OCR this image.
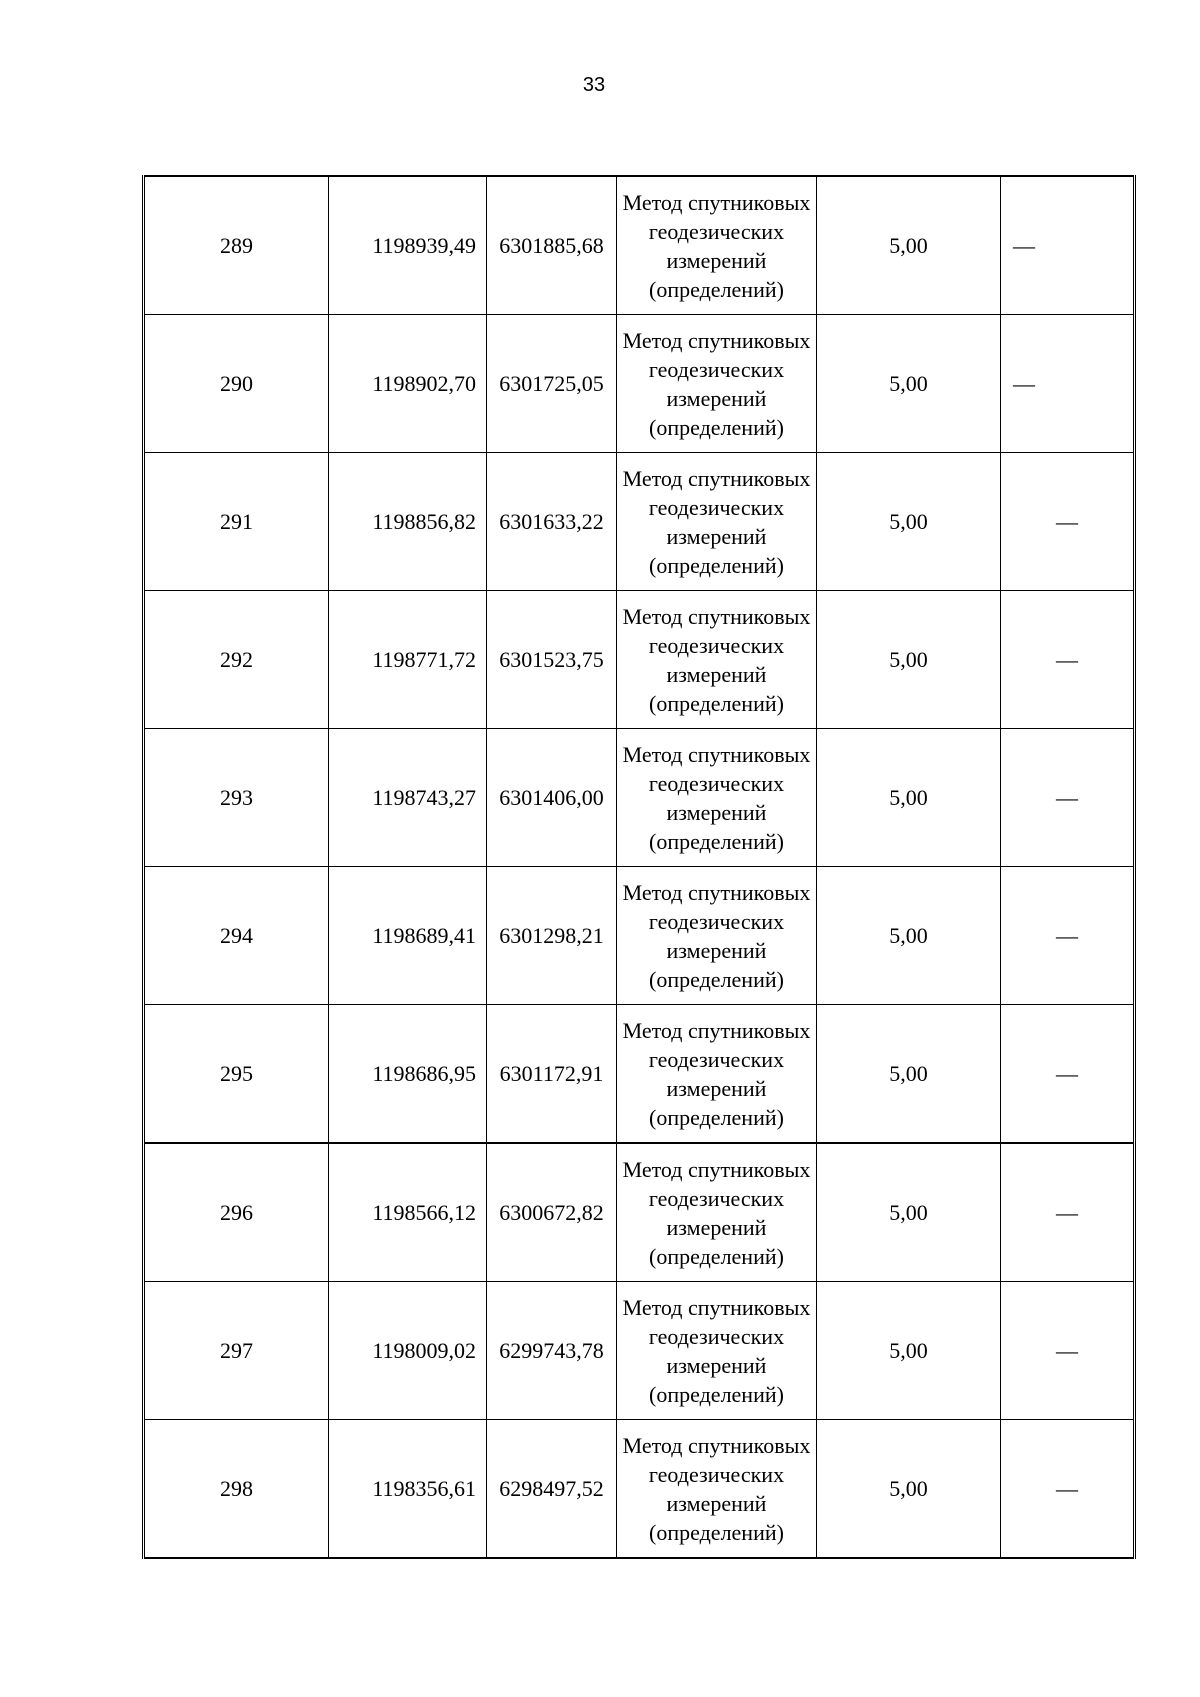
33
289	1198939,49	6301885,68	Метод спутниковых геодезических измерений (определений)	5,00	—
290	1198902,70	6301725,05	Метод спутниковых геодезических измерений (определений)	5,00	—
291	1198856,82	6301633,22	Метод спутниковых геодезических измерений (определений)	5,00	—
292	1198771,72	6301523,75	Метод спутниковых геодезических измерений (определений)	5,00	—
293	1198743,27	6301406,00	Метод спутниковых геодезических измерений (определений)	5,00	—
294	1198689,41	6301298,21	Метод спутниковых геодезических измерений (определений)	5,00	—
295	1198686,95	6301172,91	Метод спутниковых геодезических измерений (определений)	5,00	—
296	1198566,12	6300672,82	Метод спутниковых геодезических измерений (определений)	5,00	—
297	1198009,02	6299743,78	Метод спутниковых геодезических измерений (определений)	5,00	—
298	1198356,61	6298497,52	Метод спутниковых геодезических измерений (определений)	5,00	—
